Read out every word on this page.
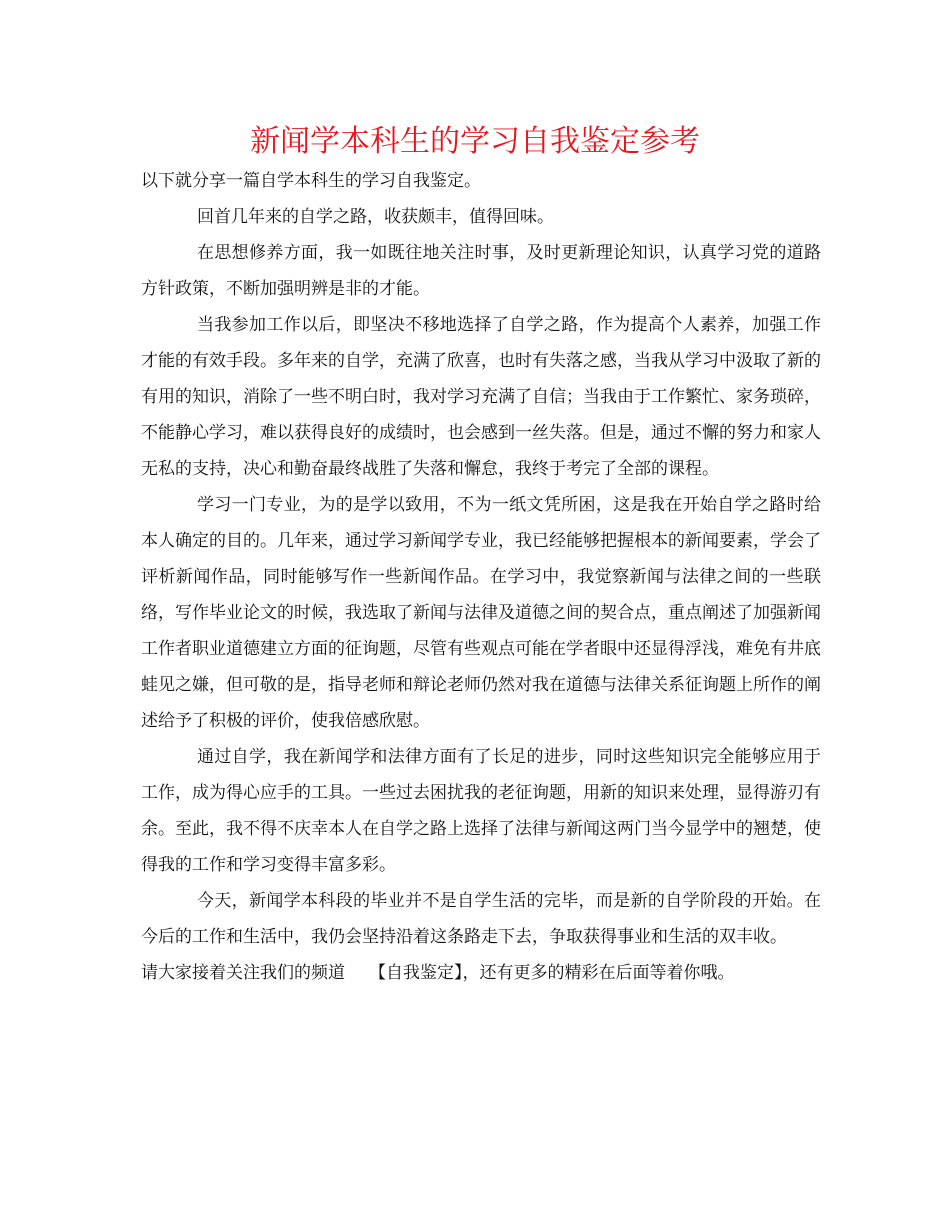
新闻学本科生的学习自我鉴定参考

以下就分享一篇自学本科生的学习自我鉴定。

回首几年来的自学之路，收获颇丰，值得回味。

在思想修养方面，我一如既往地关注时事，及时更新理论知识，认真学习党的道路方针政策，不断加强明辨是非的才能。

当我参加工作以后，即坚决不移地选择了自学之路，作为提高个人素养，加强工作才能的有效手段。多年来的自学，充满了欣喜，也时有失落之感，当我从学习中汲取了新的有用的知识，消除了一些不明白时，我对学习充满了自信；当我由于工作繁忙、家务琐碎，不能静心学习，难以获得良好的成绩时，也会感到一丝失落。但是，通过不懈的努力和家人无私的支持，决心和勤奋最终战胜了失落和懈怠，我终于考完了全部的课程。

学习一门专业，为的是学以致用，不为一纸文凭所困，这是我在开始自学之路时给本人确定的目的。几年来，通过学习新闻学专业，我已经能够把握根本的新闻要素，学会了评析新闻作品，同时能够写作一些新闻作品。在学习中，我觉察新闻与法律之间的一些联络，写作毕业论文的时候，我选取了新闻与法律及道德之间的契合点，重点阐述了加强新闻工作者职业道德建立方面的征询题，尽管有些观点可能在学者眼中还显得浮浅，难免有井底蛙见之嫌，但可敬的是，指导老师和辩论老师仍然对我在道德与法律关系征询题上所作的阐述给予了积极的评价，使我倍感欣慰。

通过自学，我在新闻学和法律方面有了长足的进步，同时这些知识完全能够应用于工作，成为得心应手的工具。一些过去困扰我的老征询题，用新的知识来处理，显得游刃有余。至此，我不得不庆幸本人在自学之路上选择了法律与新闻这两门当今显学中的翘楚，使得我的工作和学习变得丰富多彩。

今天，新闻学本科段的毕业并不是自学生活的完毕，而是新的自学阶段的开始。在今后的工作和生活中，我仍会坚持沿着这条路走下去，争取获得事业和生活的双丰收。

请大家接着关注我们的频道 【自我鉴定】，还有更多的精彩在后面等着你哦。
